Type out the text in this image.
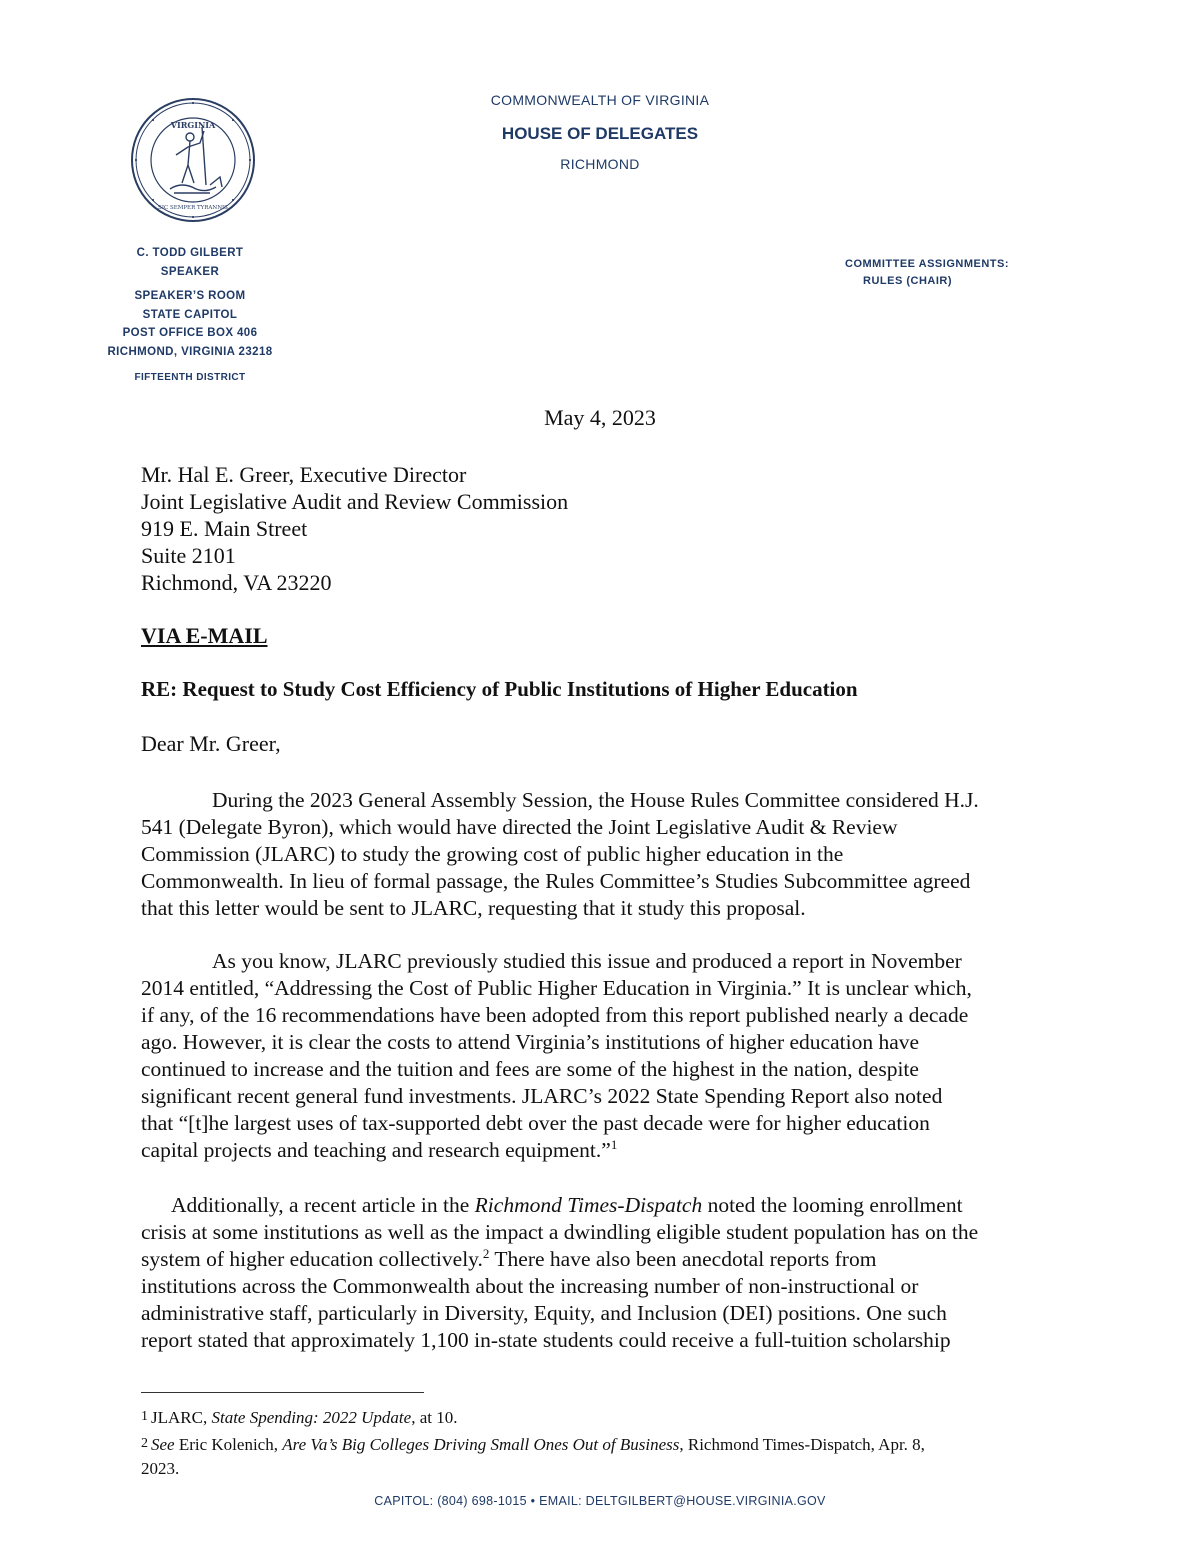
VIRGINIA
SIC SEMPER TYRANNIS
COMMONWEALTH OF VIRGINIA
HOUSE OF DELEGATES
RICHMOND
C. TODD GILBERT
SPEAKER
SPEAKER’S ROOM
STATE CAPITOL
POST OFFICE BOX 406
RICHMOND, VIRGINIA 23218
FIFTEENTH DISTRICT
COMMITTEE ASSIGNMENTS:
RULES (CHAIR)
May 4, 2023
Mr. Hal E. Greer, Executive Director
Joint Legislative Audit and Review Commission
919 E. Main Street
Suite 2101
Richmond, VA 23220
VIA E-MAIL
RE: Request to Study Cost Efficiency of Public Institutions of Higher Education
Dear Mr. Greer,
During the 2023 General Assembly Session, the House Rules Committee considered H.J.
541 (Delegate Byron), which would have directed the Joint Legislative Audit & Review
Commission (JLARC) to study the growing cost of public higher education in the
Commonwealth. In lieu of formal passage, the Rules Committee’s Studies Subcommittee agreed
that this letter would be sent to JLARC, requesting that it study this proposal.
As you know, JLARC previously studied this issue and produced a report in November
2014 entitled, “Addressing the Cost of Public Higher Education in Virginia.” It is unclear which,
if any, of the 16 recommendations have been adopted from this report published nearly a decade
ago. However, it is clear the costs to attend Virginia’s institutions of higher education have
continued to increase and the tuition and fees are some of the highest in the nation, despite
significant recent general fund investments. JLARC’s 2022 State Spending Report also noted
that “[t]he largest uses of tax-supported debt over the past decade were for higher education
capital projects and teaching and research equipment.”$^1$
Additionally, a recent article in the Richmond Times-Dispatch noted the looming enrollment
crisis at some institutions as well as the impact a dwindling eligible student population has on the
system of higher education collectively.$^2$ There have also been anecdotal reports from
institutions across the Commonwealth about the increasing number of non-instructional or
administrative staff, particularly in Diversity, Equity, and Inclusion (DEI) positions. One such
report stated that approximately 1,100 in-state students could receive a full-tuition scholarship
1 JLARC, State Spending: 2022 Update, at 10.
2 See Eric Kolenich, Are Va’s Big Colleges Driving Small Ones Out of Business, Richmond Times-Dispatch, Apr. 8,
2023.
CAPITOL: (804) 698-1015 • EMAIL: DELTGILBERT@HOUSE.VIRGINIA.GOV
